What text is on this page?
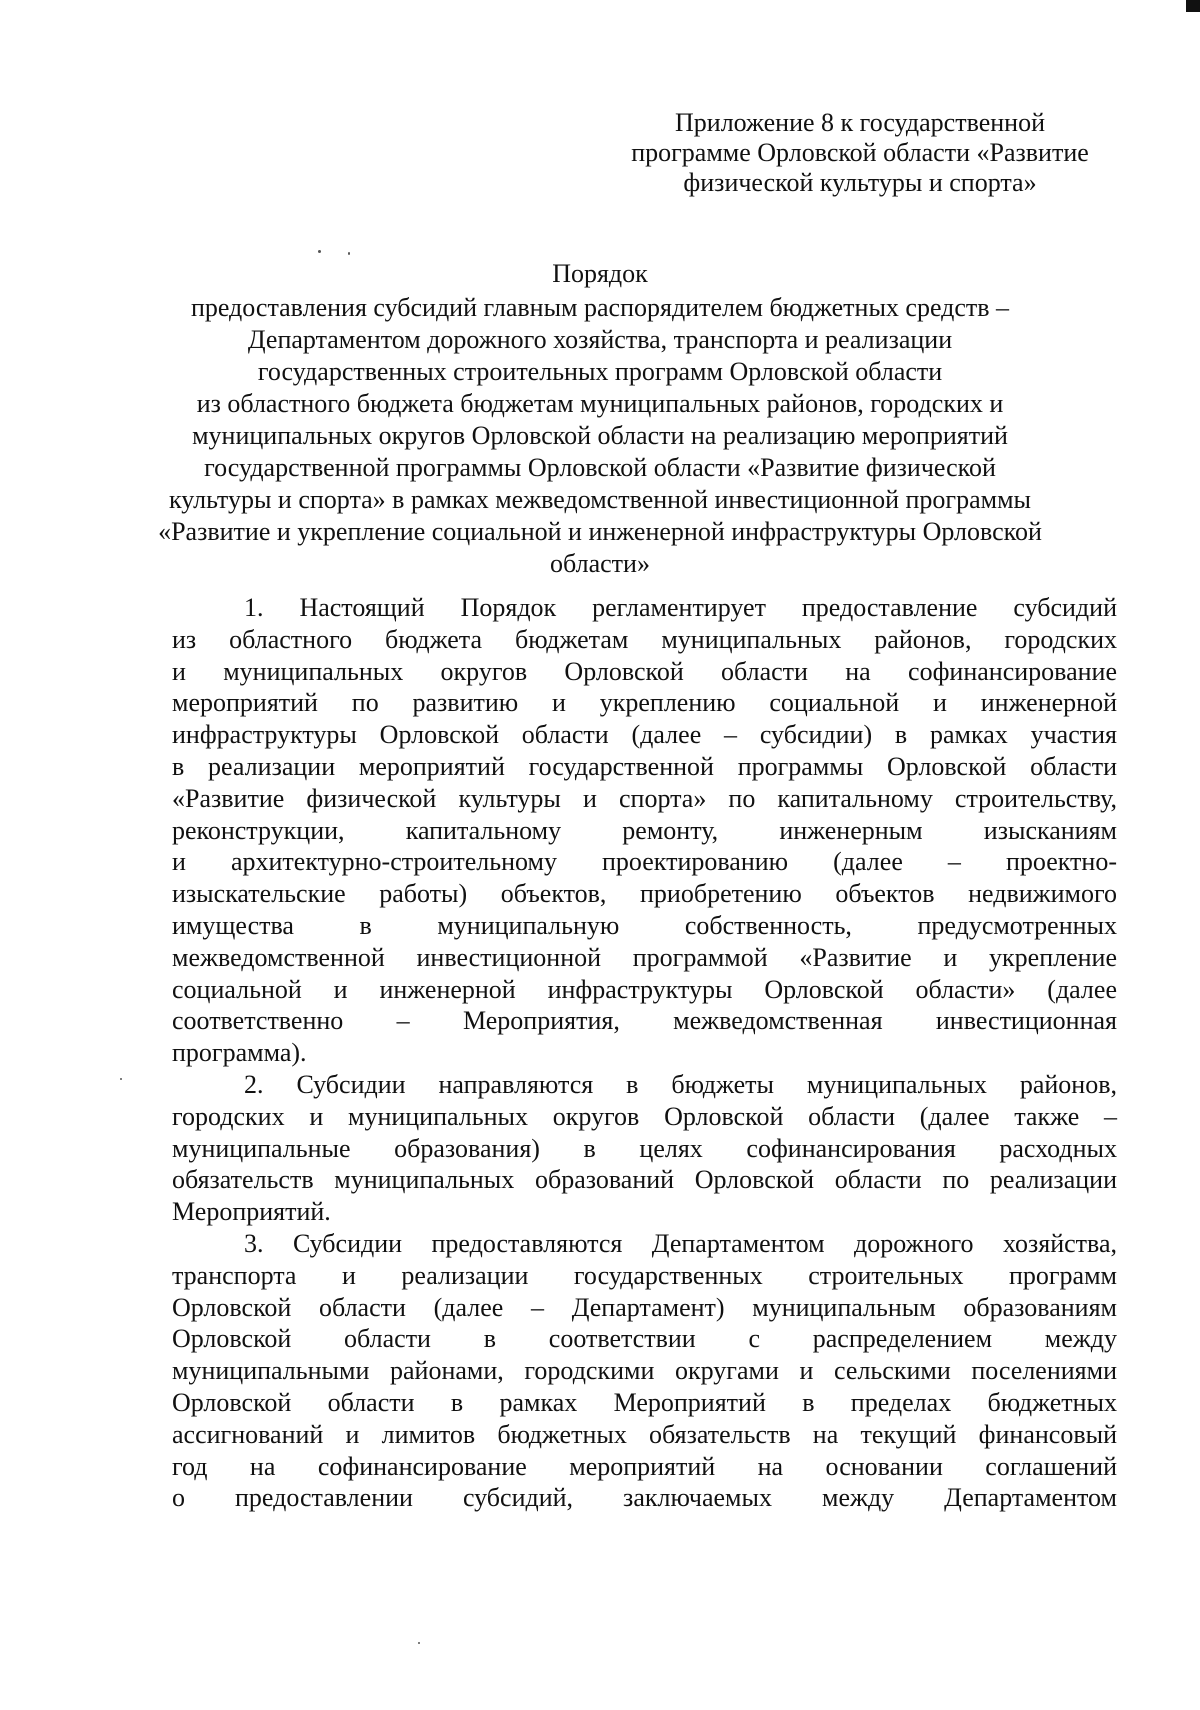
Приложение 8 к государственной
программе Орловской области «Развитие
физической культуры и спорта»
Порядок
предоставления субсидий главным распорядителем бюджетных средств –
Департаментом дорожного хозяйства, транспорта и реализации
государственных строительных программ Орловской области
из областного бюджета бюджетам муниципальных районов, городских и
муниципальных округов Орловской области на реализацию мероприятий
государственной программы Орловской области «Развитие физической
культуры и спорта» в рамках межведомственной инвестиционной программы
«Развитие и укрепление социальной и инженерной инфраструктуры Орловской
области»
1. Настоящий Порядок регламентирует предоставление субсидий
из областного бюджета бюджетам муниципальных районов, городских
и муниципальных округов Орловской области на софинансирование
мероприятий по развитию и укреплению социальной и инженерной
инфраструктуры Орловской области (далее – субсидии) в рамках участия
в реализации мероприятий государственной программы Орловской области
«Развитие физической культуры и спорта» по капитальному строительству,
реконструкции, капитальному ремонту, инженерным изысканиям
и архитектурно-строительному проектированию (далее – проектно-
изыскательские работы) объектов, приобретению объектов недвижимого
имущества в муниципальную собственность, предусмотренных
межведомственной инвестиционной программой «Развитие и укрепление
социальной и инженерной инфраструктуры Орловской области» (далее
соответственно – Мероприятия, межведомственная инвестиционная
программа).
2. Субсидии направляются в бюджеты муниципальных районов,
городских и муниципальных округов Орловской области (далее также –
муниципальные образования) в целях софинансирования расходных
обязательств муниципальных образований Орловской области по реализации
Мероприятий.
3. Субсидии предоставляются Департаментом дорожного хозяйства,
транспорта и реализации государственных строительных программ
Орловской области (далее – Департамент) муниципальным образованиям
Орловской области в соответствии с распределением между
муниципальными районами, городскими округами и сельскими поселениями
Орловской области в рамках Мероприятий в пределах бюджетных
ассигнований и лимитов бюджетных обязательств на текущий финансовый
год на софинансирование мероприятий на основании соглашений
о предоставлении субсидий, заключаемых между Департаментом
